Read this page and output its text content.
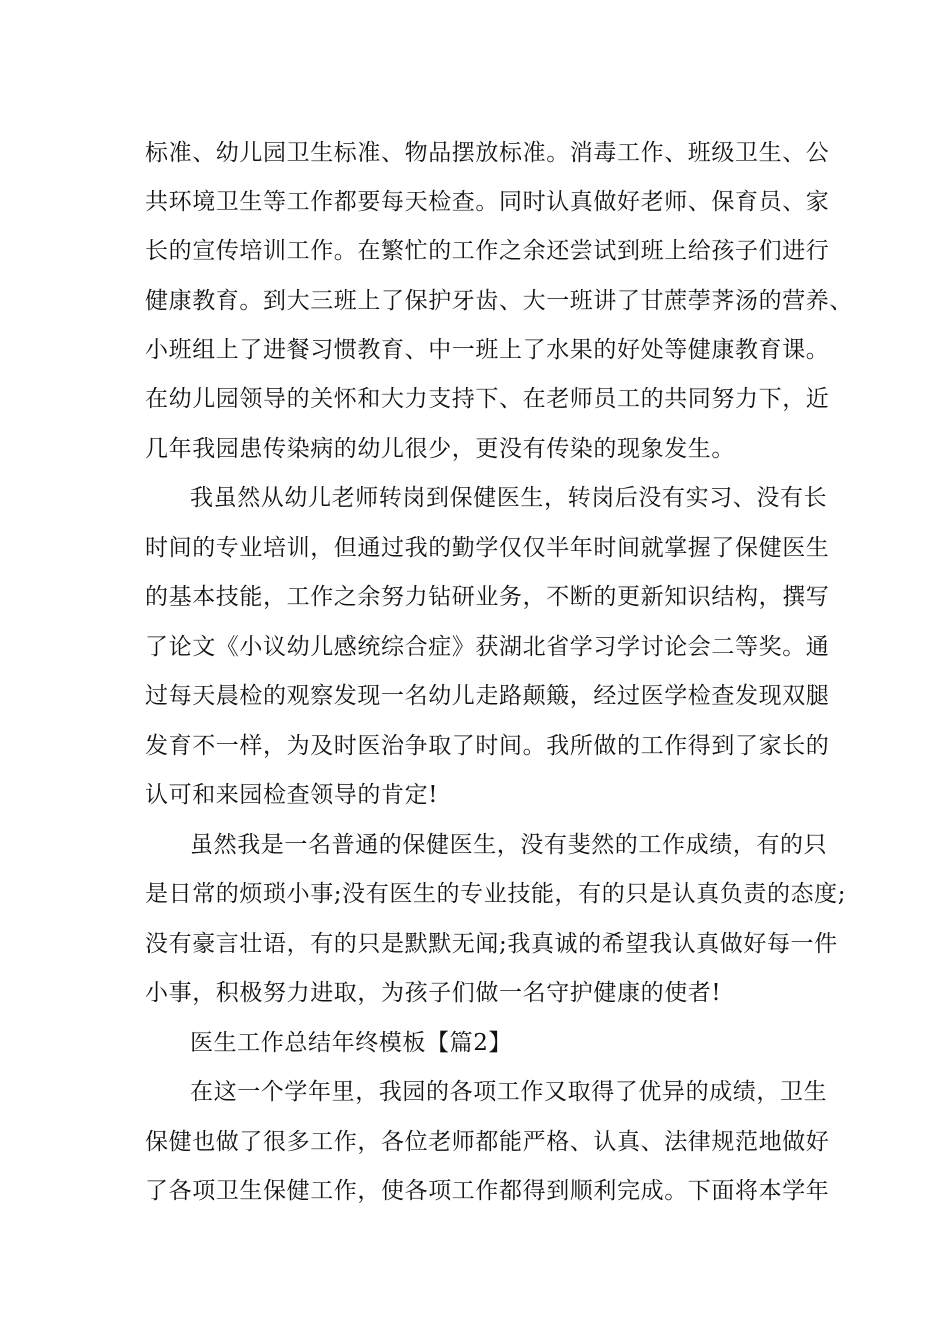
标准、幼儿园卫生标准、物品摆放标准。消毒工作、班级卫生、公
共环境卫生等工作都要每天检查。同时认真做好老师、保育员、家
长的宣传培训工作。在繁忙的工作之余还尝试到班上给孩子们进行
健康教育。到大三班上了保护牙齿、大一班讲了甘蔗荸荠汤的营养、
小班组上了进餐习惯教育、中一班上了水果的好处等健康教育课。
在幼儿园领导的关怀和大力支持下、在老师员工的共同努力下，近
几年我园患传染病的幼儿很少，更没有传染的现象发生。
我虽然从幼儿老师转岗到保健医生，转岗后没有实习、没有长
时间的专业培训，但通过我的勤学仅仅半年时间就掌握了保健医生
的基本技能，工作之余努力钻研业务，不断的更新知识结构，撰写
了论文《小议幼儿感统综合症》获湖北省学习学讨论会二等奖。通
过每天晨检的观察发现一名幼儿走路颠簸，经过医学检查发现双腿
发育不一样，为及时医治争取了时间。我所做的工作得到了家长的
认可和来园检查领导的肯定!
虽然我是一名普通的保健医生，没有斐然的工作成绩，有的只
是日常的烦琐小事;没有医生的专业技能，有的只是认真负责的态度;
没有豪言壮语，有的只是默默无闻;我真诚的希望我认真做好每一件
小事，积极努力进取，为孩子们做一名守护健康的使者!
医生工作总结年终模板【篇2】
在这一个学年里，我园的各项工作又取得了优异的成绩，卫生
保健也做了很多工作，各位老师都能严格、认真、法律规范地做好
了各项卫生保健工作，使各项工作都得到顺利完成。下面将本学年
